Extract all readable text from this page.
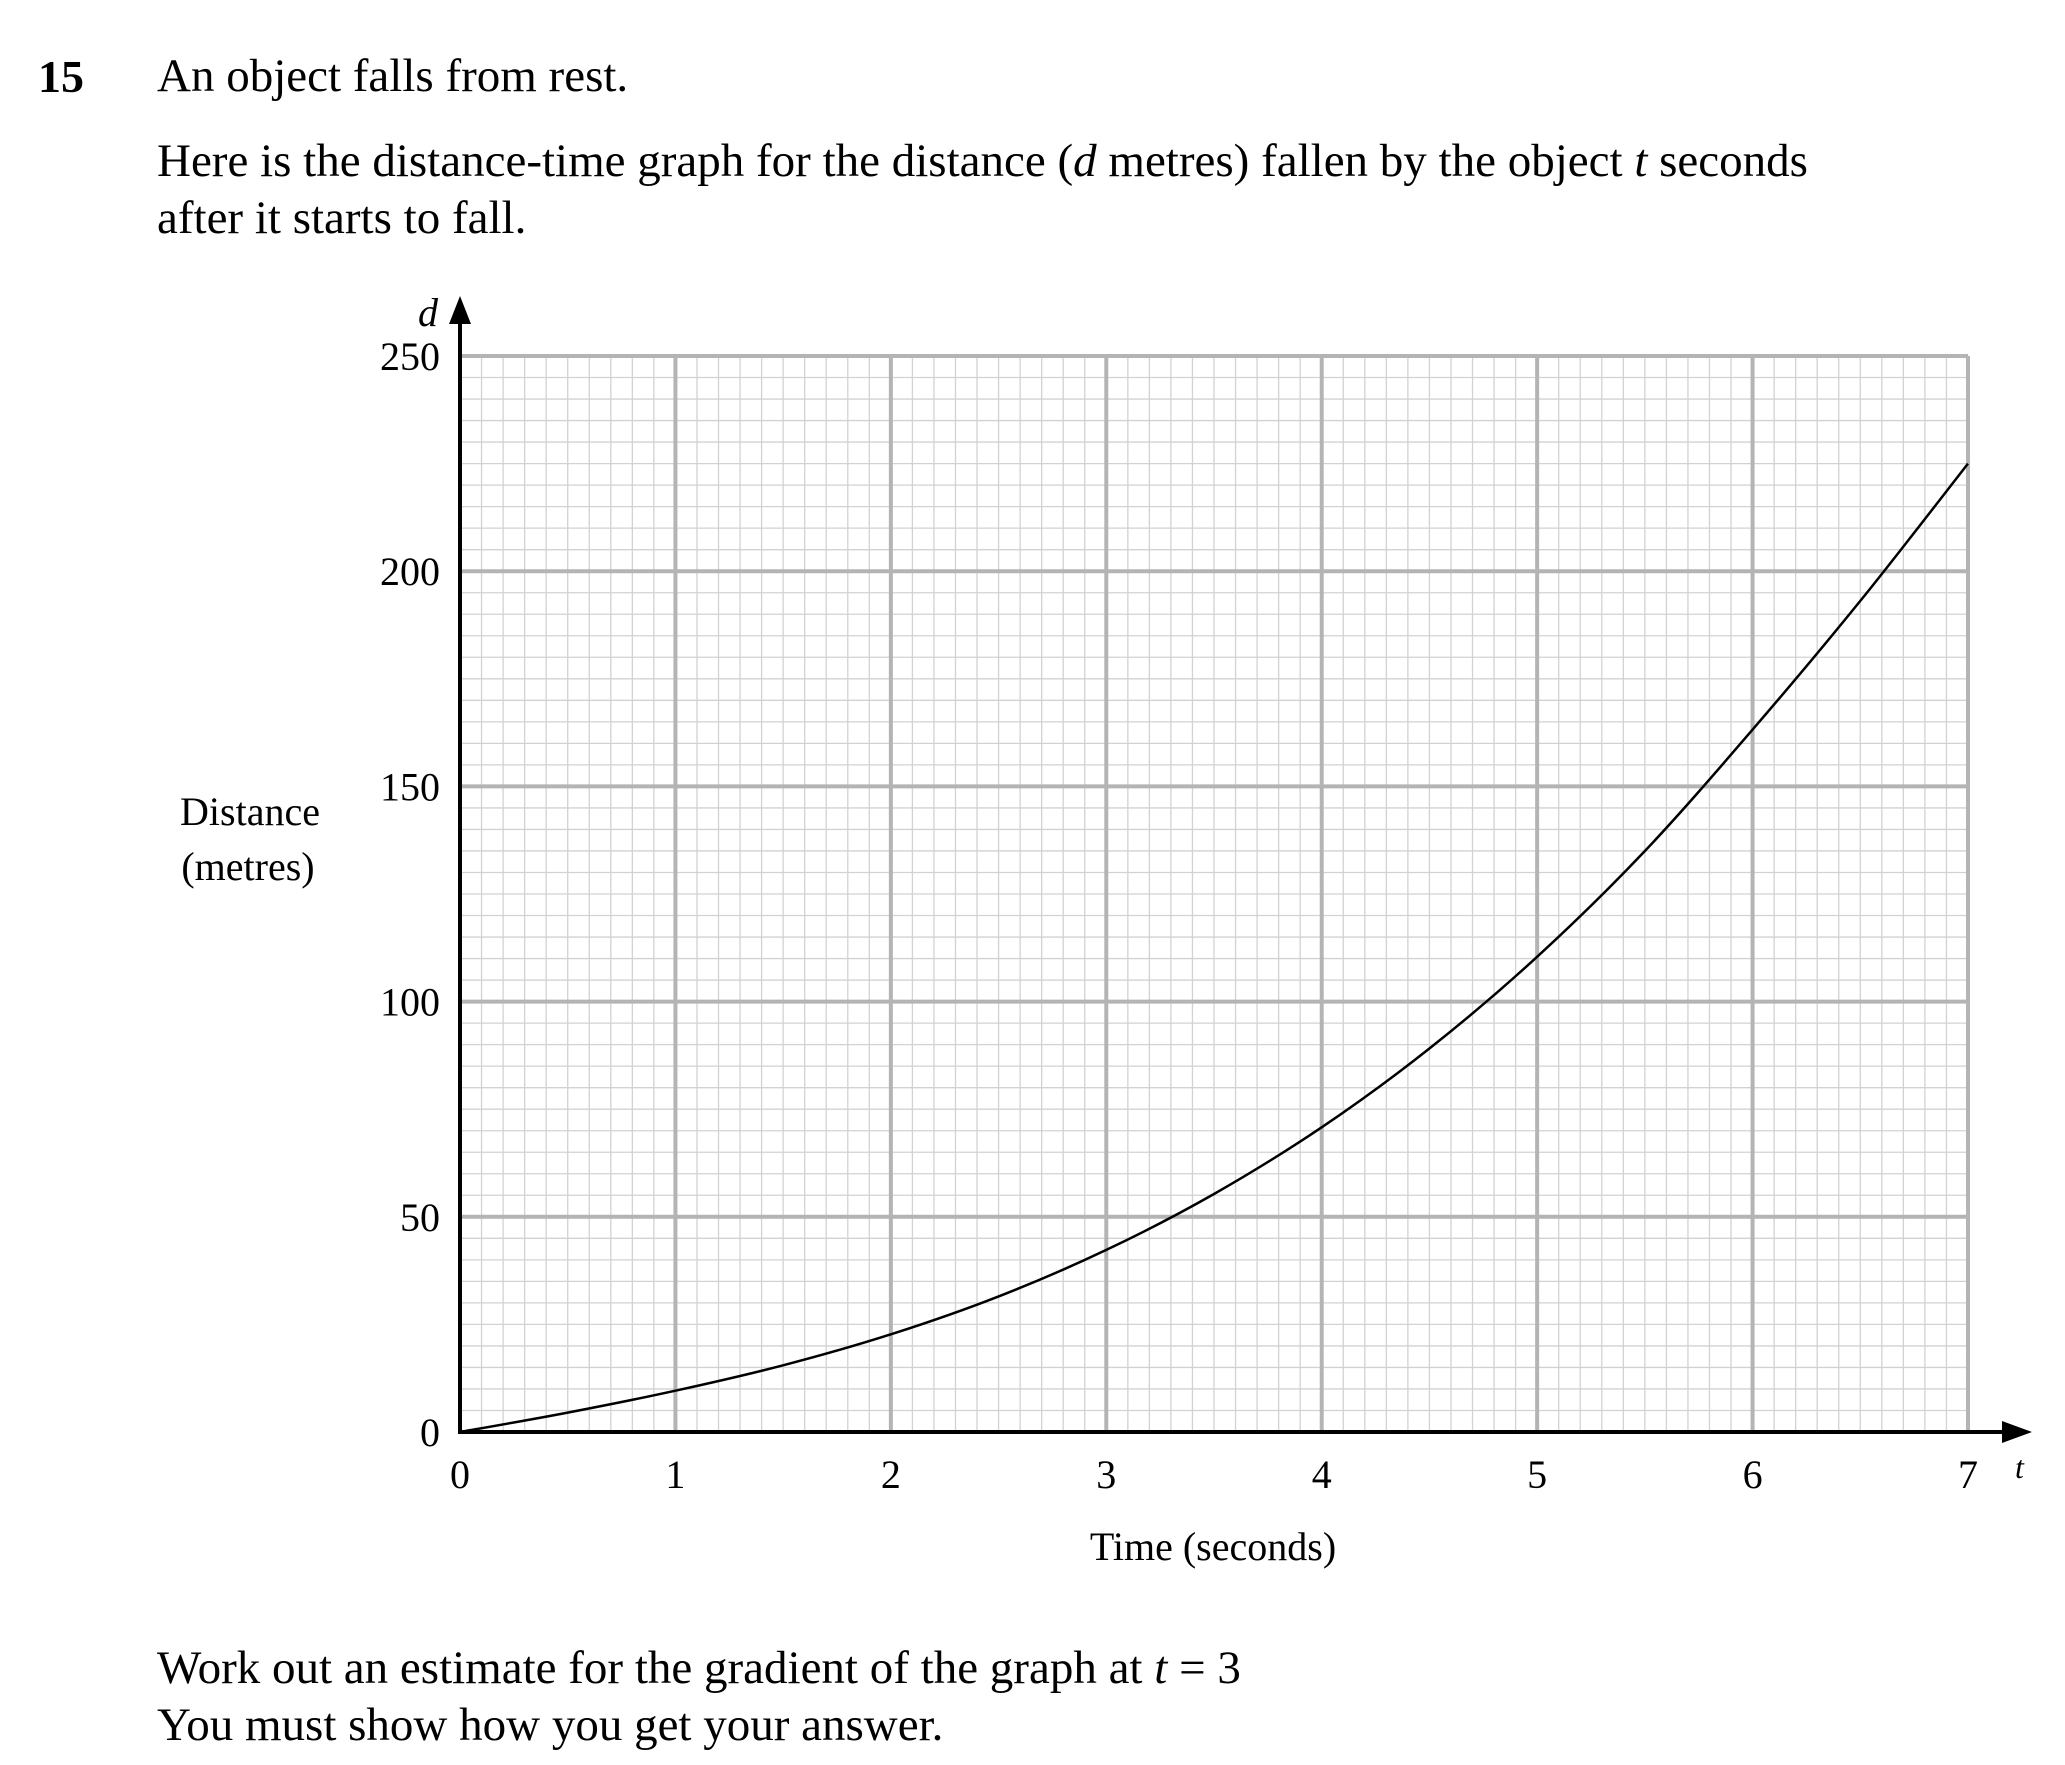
15 An object falls from rest.
Here is the distance-time graph for the distance (d metres) fallen by the object t seconds
after it starts to fall.
d
t
0	1	2	3	4	5	6	7
0
50
100
150
200
250
Time (seconds)
Distance
(metres)
Work out an estimate for the gradient of the graph at t = 3
You must show how you get your answer.
